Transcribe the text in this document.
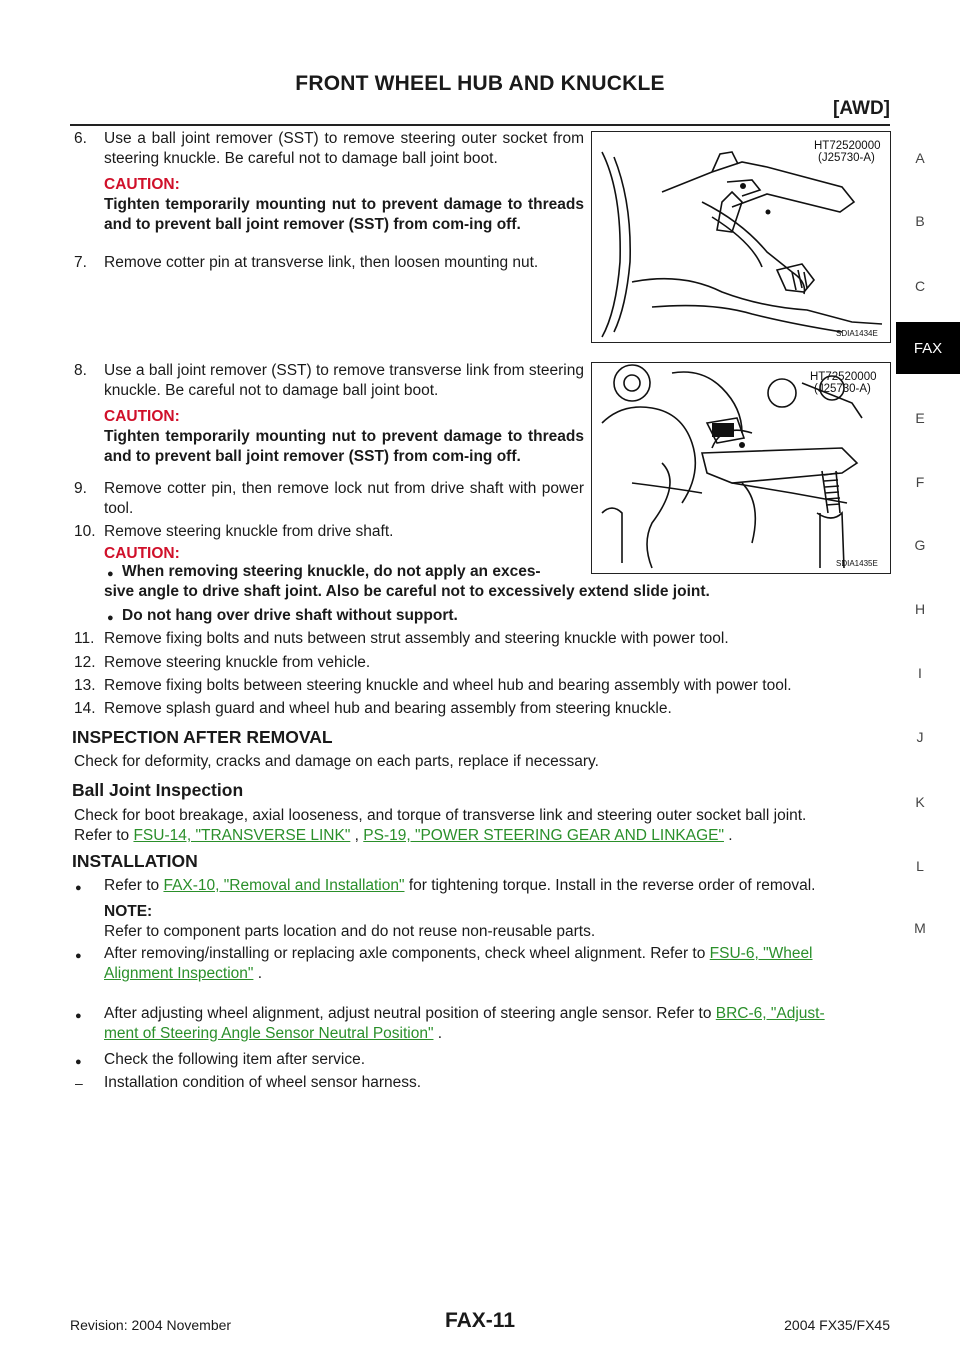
FRONT WHEEL HUB AND KNUCKLE
[AWD]
A
B
C
FAX
E
F
G
H
I
J
K
L
M
HT72520000
(J25730-A)
SDIA1434E
HT72520000
(J25730-A)
SDIA1435E
6. Use a ball joint remover (SST) to remove steering outer socket from steering knuckle. Be careful not to damage ball joint boot.
CAUTION:
Tighten temporarily mounting nut to prevent damage to threads and to prevent ball joint remover (SST) from com-ing off.
7. Remove cotter pin at transverse link, then loosen mounting nut.
8. Use a ball joint remover (SST) to remove transverse link from steering knuckle. Be careful not to damage ball joint boot.
CAUTION:
Tighten temporarily mounting nut to prevent damage to threads and to prevent ball joint remover (SST) from com-ing off.
9. Remove cotter pin, then remove lock nut from drive shaft with power tool.
10. Remove steering knuckle from drive shaft.
CAUTION:
● When removing steering knuckle, do not apply an exces-
sive angle to drive shaft joint. Also be careful not to excessively extend slide joint.
● Do not hang over drive shaft without support.
11. Remove fixing bolts and nuts between strut assembly and steering knuckle with power tool.
12. Remove steering knuckle from vehicle.
13. Remove fixing bolts between steering knuckle and wheel hub and bearing assembly with power tool.
14. Remove splash guard and wheel hub and bearing assembly from steering knuckle.
INSPECTION AFTER REMOVAL
Check for deformity, cracks and damage on each parts, replace if necessary.
Ball Joint Inspection
Check for boot breakage, axial looseness, and torque of transverse link and steering outer socket ball joint.
Refer to FSU-14, "TRANSVERSE LINK" , PS-19, "POWER STEERING GEAR AND LINKAGE" .
INSTALLATION
● Refer to FAX-10, "Removal and Installation" for tightening torque. Install in the reverse order of removal.
NOTE:
Refer to component parts location and do not reuse non-reusable parts.
● After removing/installing or replacing axle components, check wheel alignment. Refer to FSU-6, "Wheel
Alignment Inspection" .
● After adjusting wheel alignment, adjust neutral position of steering angle sensor. Refer to BRC-6, "Adjust-
ment of Steering Angle Sensor Neutral Position" .
● Check the following item after service.
– Installation condition of wheel sensor harness.
Revision: 2004 November	FAX-11	2004 FX35/FX45
